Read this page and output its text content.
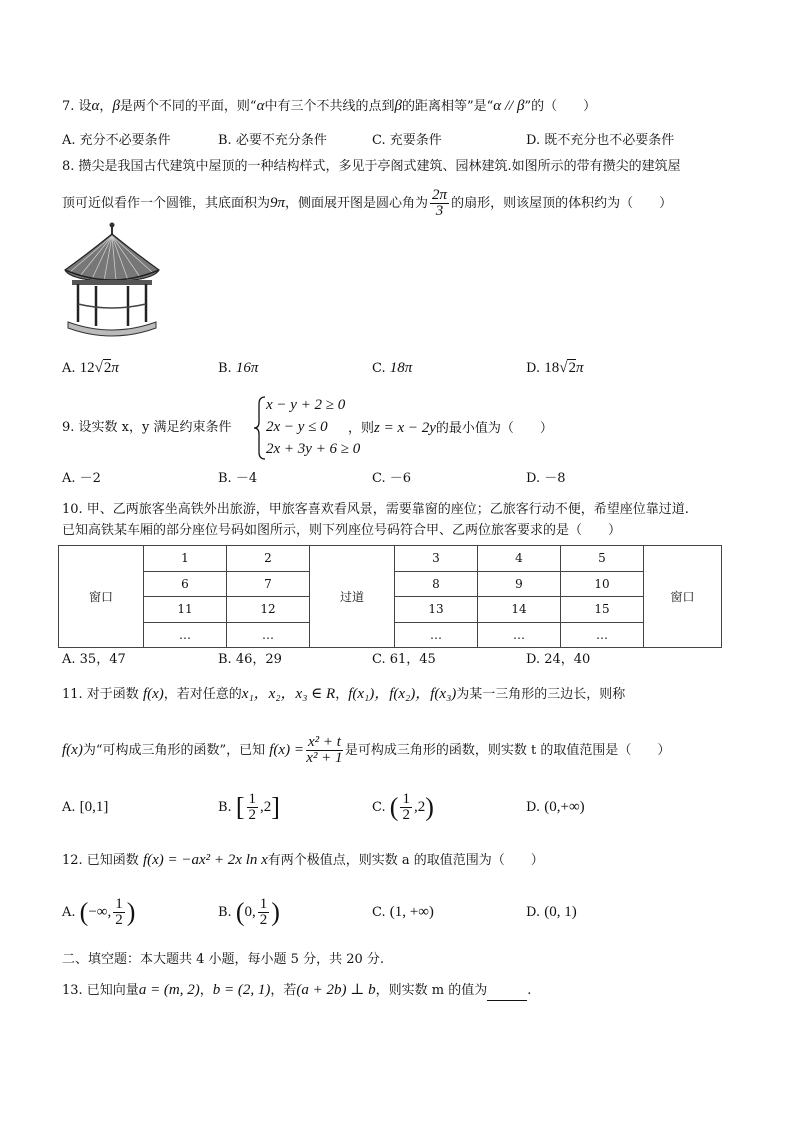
7. 设α，β是两个不同的平面，则“α中有三个不共线的点到β的距离相等”是“α // β”的（　　）
A. 充分不必要条件	B. 必要不充分条件	C. 充要条件	D. 既不充分也不必要条件
8. 攒尖是我国古代建筑中屋顶的一种结构样式，多见于亭阁式建筑、园林建筑.如图所示的带有攒尖的建筑屋
顶可近似看作一个圆锥，其底面积为9π，侧面展开图是圆心角为 $\frac{2\pi}{3}$ 的扇形，则该屋顶的体积约为（　　）
A. 12√2π	B. 16π	C. 18π	D. 18√2π
9. 设实数 x，y 满足约束条件
x − y + 2 ≥ 0
2x − y ≤ 0
2x + 3y + 6 ≥ 0
，则z = x − 2y的最小值为（　　）
A. －2	B. －4	C. －6	D. －8
10. 甲、乙两旅客坐高铁外出旅游，甲旅客喜欢看风景，需要靠窗的座位；乙旅客行动不便，希望座位靠过道.
已知高铁某车厢的部分座位号码如图所示，则下列座位号码符合甲、乙两位旅客要求的是（　　）
窗口	1	2	过道	3	4	5	窗口
	6	7		8	9	10	
	11	12		13	14	15	
	…	…		…	…	…	
A. 35，47	B. 46，29	C. 61，45	D. 24，40
11. 对于函数 f(x)，若对任意的x₁，x₂，x₃ ∈ R，f(x₁)，f(x₂)，f(x₃)为某一三角形的三边长，则称
f(x)为“可构成三角形的函数”，已知 $f(x) = \frac{\text{x² + t}}{\text{x² + 1}}$ 是可构成三角形的函数，则实数 t 的取值范围是（　　）
A. [0,1]	B. [ $\frac{1}{2} ,2$]	C. ( $\frac{1}{2} ,2$)	D. (0,+∞)
12. 已知函数 f(x) = −ax² + 2x ln x有两个极值点，则实数 a 的取值范围为（　　）
A. (−∞, $\frac{1}{2}$ )	B. (0, $\frac{1}{2}$ )	C. (1, +∞)	D. (0, 1)
二、填空题：本大题共 4 小题，每小题 5 分，共 20 分.
13. 已知向量a = (m, 2)，b = (2, 1)，若(a + 2b) ⊥ b，则实数 m 的值为	.
